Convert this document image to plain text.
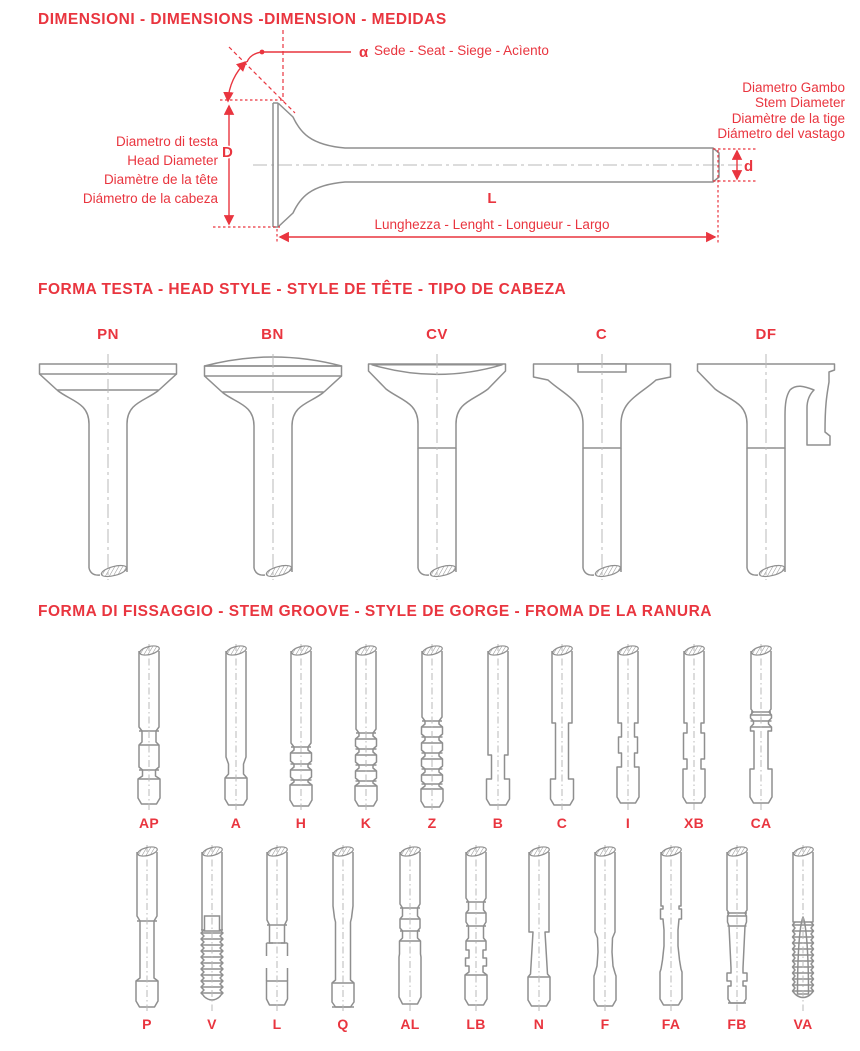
DIMENSIONI - DIMENSIONS -DIMENSION - MEDIDAS
α Sede - Seat - Siege - Acìento
Diametro Gambo
Stem Diameter
Diamètre de la tige
Diámetro del vastago
Diametro di testa
Head Diameter
Diamètre de la tête
Diámetro de la cabeza
D
d
L
Lunghezza - Lenght - Longueur - Largo
FORMA TESTA - HEAD STYLE - STYLE DE TÊTE - TIPO DE CABEZA
PN	BN	CV	C	DF
FORMA DI FISSAGGIO - STEM GROOVE - STYLE DE GORGE - FROMA DE LA RANURA
AP	A	H	K	Z	B	C	I	XB	CA
P	V	L	Q	AL	LB	N	F	FA	FB	VA
